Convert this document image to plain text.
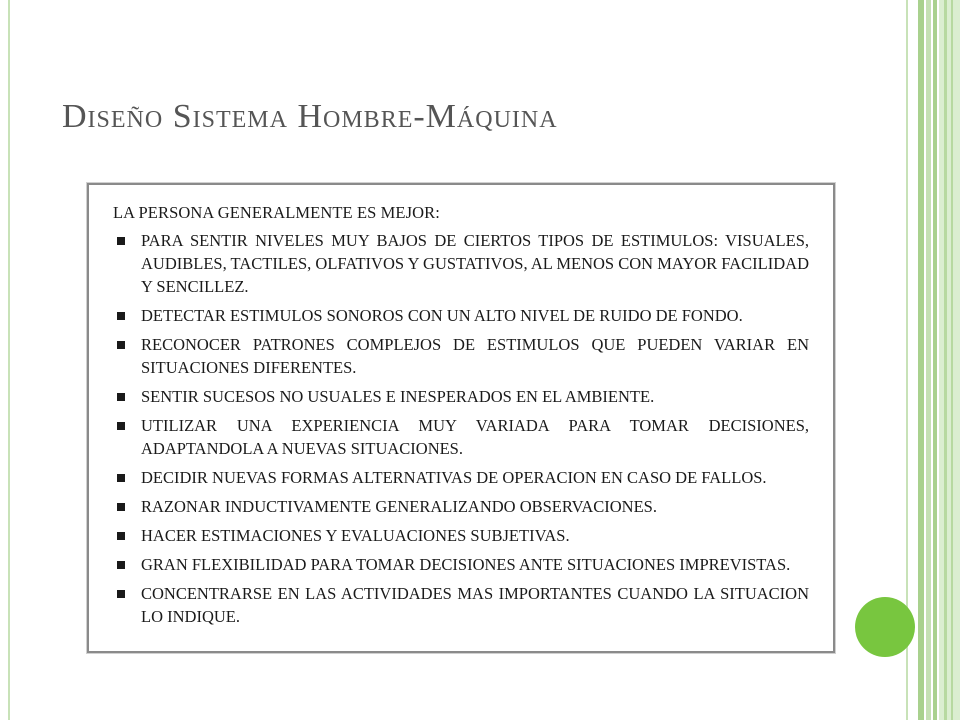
Diseño Sistema Hombre-Máquina

LA PERSONA GENERALMENTE ES MEJOR:

PARA SENTIR NIVELES MUY BAJOS DE CIERTOS TIPOS DE ESTIMULOS: VISUALES, AUDIBLES, TACTILES, OLFATIVOS Y GUSTATIVOS, AL MENOS CON MAYOR FACILIDAD Y SENCILLEZ.
DETECTAR ESTIMULOS SONOROS CON UN ALTO NIVEL DE RUIDO DE FONDO.
RECONOCER PATRONES COMPLEJOS DE ESTIMULOS QUE PUEDEN VARIAR EN SITUACIONES DIFERENTES.
SENTIR SUCESOS NO USUALES E INESPERADOS EN EL AMBIENTE.
UTILIZAR UNA EXPERIENCIA MUY VARIADA PARA TOMAR DECISIONES, ADAPTANDOLA A NUEVAS SITUACIONES.
DECIDIR NUEVAS FORMAS ALTERNATIVAS DE OPERACION EN CASO DE FALLOS.
RAZONAR INDUCTIVAMENTE GENERALIZANDO OBSERVACIONES.
HACER ESTIMACIONES Y EVALUACIONES SUBJETIVAS.
GRAN FLEXIBILIDAD PARA TOMAR DECISIONES ANTE SITUACIONES IMPREVISTAS.
CONCENTRARSE EN LAS ACTIVIDADES MAS IMPORTANTES CUANDO LA SITUACION LO INDIQUE.
